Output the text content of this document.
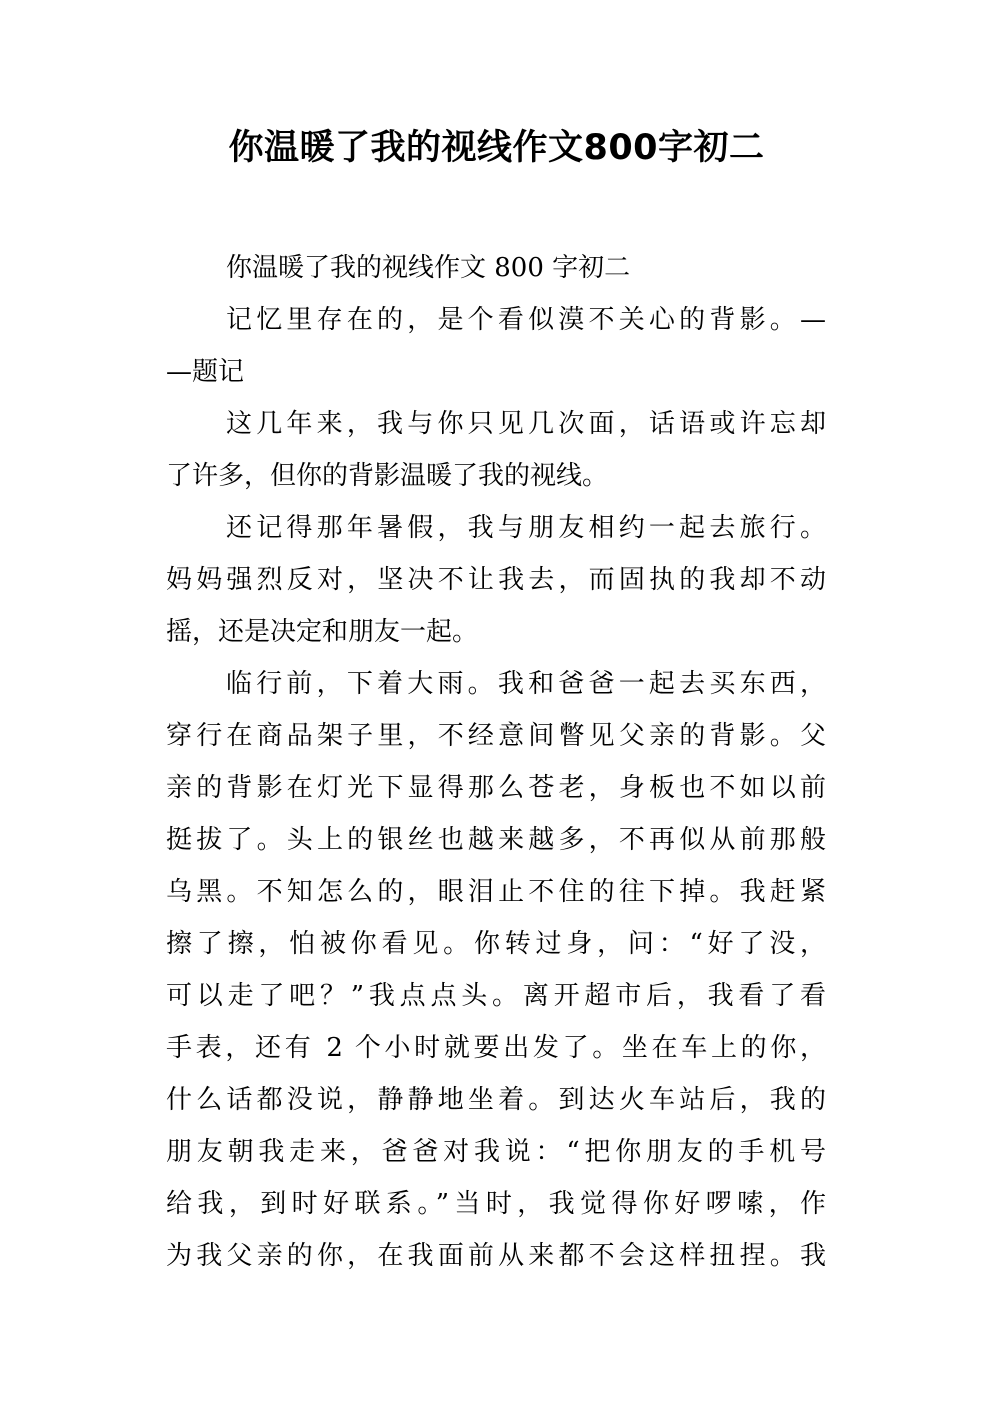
你温暖了我的视线作文800字初二
你温暖了我的视线作文 800 字初二
记忆里存在的，是个看似漠不关心的背影。—
—题记
这几年来，我与你只见几次面，话语或许忘却
了许多，但你的背影温暖了我的视线。
还记得那年暑假，我与朋友相约一起去旅行。
妈妈强烈反对，坚决不让我去，而固执的我却不动
摇，还是决定和朋友一起。
临行前，下着大雨。我和爸爸一起去买东西，
穿行在商品架子里，不经意间瞥见父亲的背影。父
亲的背影在灯光下显得那么苍老，身板也不如以前
挺拔了。头上的银丝也越来越多，不再似从前那般
乌黑。不知怎么的，眼泪止不住的往下掉。我赶紧
擦了擦，怕被你看见。你转过身，问：“好了没，
可以走了吧？”我点点头。离开超市后，我看了看
手表，还有 2 个小时就要出发了。坐在车上的你，
什么话都没说，静静地坐着。到达火车站后，我的
朋友朝我走来，爸爸对我说：“把你朋友的手机号
给我，到时好联系。”当时，我觉得你好啰嗦，作
为我父亲的你，在我面前从来都不会这样扭捏。我
